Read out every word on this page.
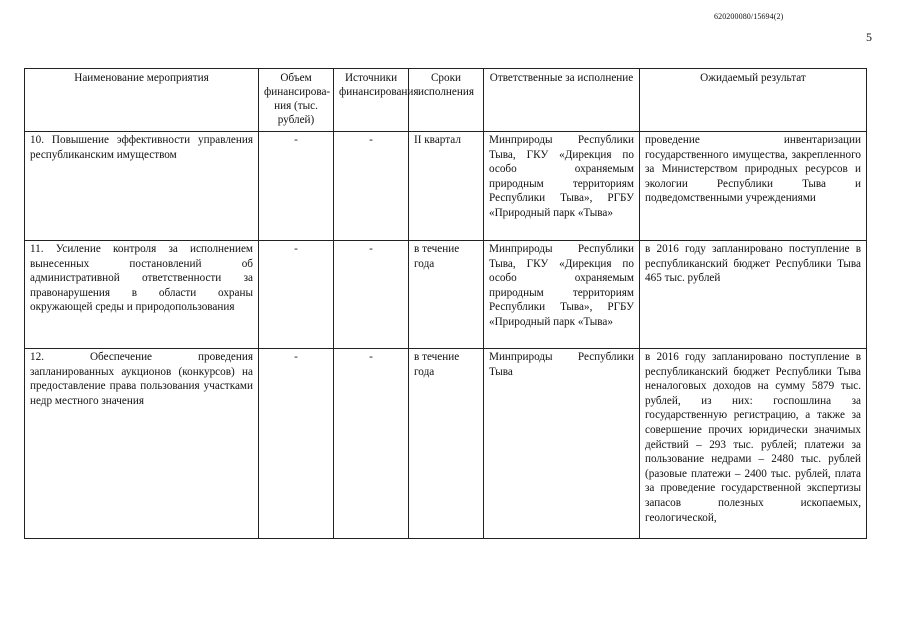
620200080/15694(2)
5
Наименование мероприятия	Объем финансирова-ния (тыс. рублей)	Источники финансирования	Сроки исполнения	Ответственные за исполнение	Ожидаемый результат
10. Повышение эффективности управления республиканским имуществом	-	-	II квартал	Минприроды Республики Тыва, ГКУ «Дирекция по особо охраняемым природным территориям Республики Тыва», РГБУ «Природный парк «Тыва»	проведение инвентаризации государственного имущества, закрепленного за Министерством природных ресурсов и экологии Республики Тыва и подведомственными учреждениями
11. Усиление контроля за исполнением вынесенных постановлений об административной ответственности за правонарушения в области охраны окружающей среды и природопользования	-	-	в течение года	Минприроды Республики Тыва, ГКУ «Дирекция по особо охраняемым природным территориям Республики Тыва», РГБУ «Природный парк «Тыва»	в 2016 году запланировано поступление в республиканский бюджет Республики Тыва 465 тыс. рублей
12. Обеспечение проведения запланированных аукционов (конкурсов) на предоставление права пользования участками недр местного значения	-	-	в течение года	Минприроды Республики Тыва	в 2016 году запланировано поступление в республиканский бюджет Республики Тыва неналоговых доходов на сумму 5879 тыс. рублей, из них: госпошлина за государственную регистрацию, а также за совершение прочих юридически значимых действий – 293 тыс. рублей; платежи за пользование недрами – 2480 тыс. рублей (разовые платежи – 2400 тыс. рублей, плата за проведение государственной экспертизы запасов полезных ископаемых, геологической,
